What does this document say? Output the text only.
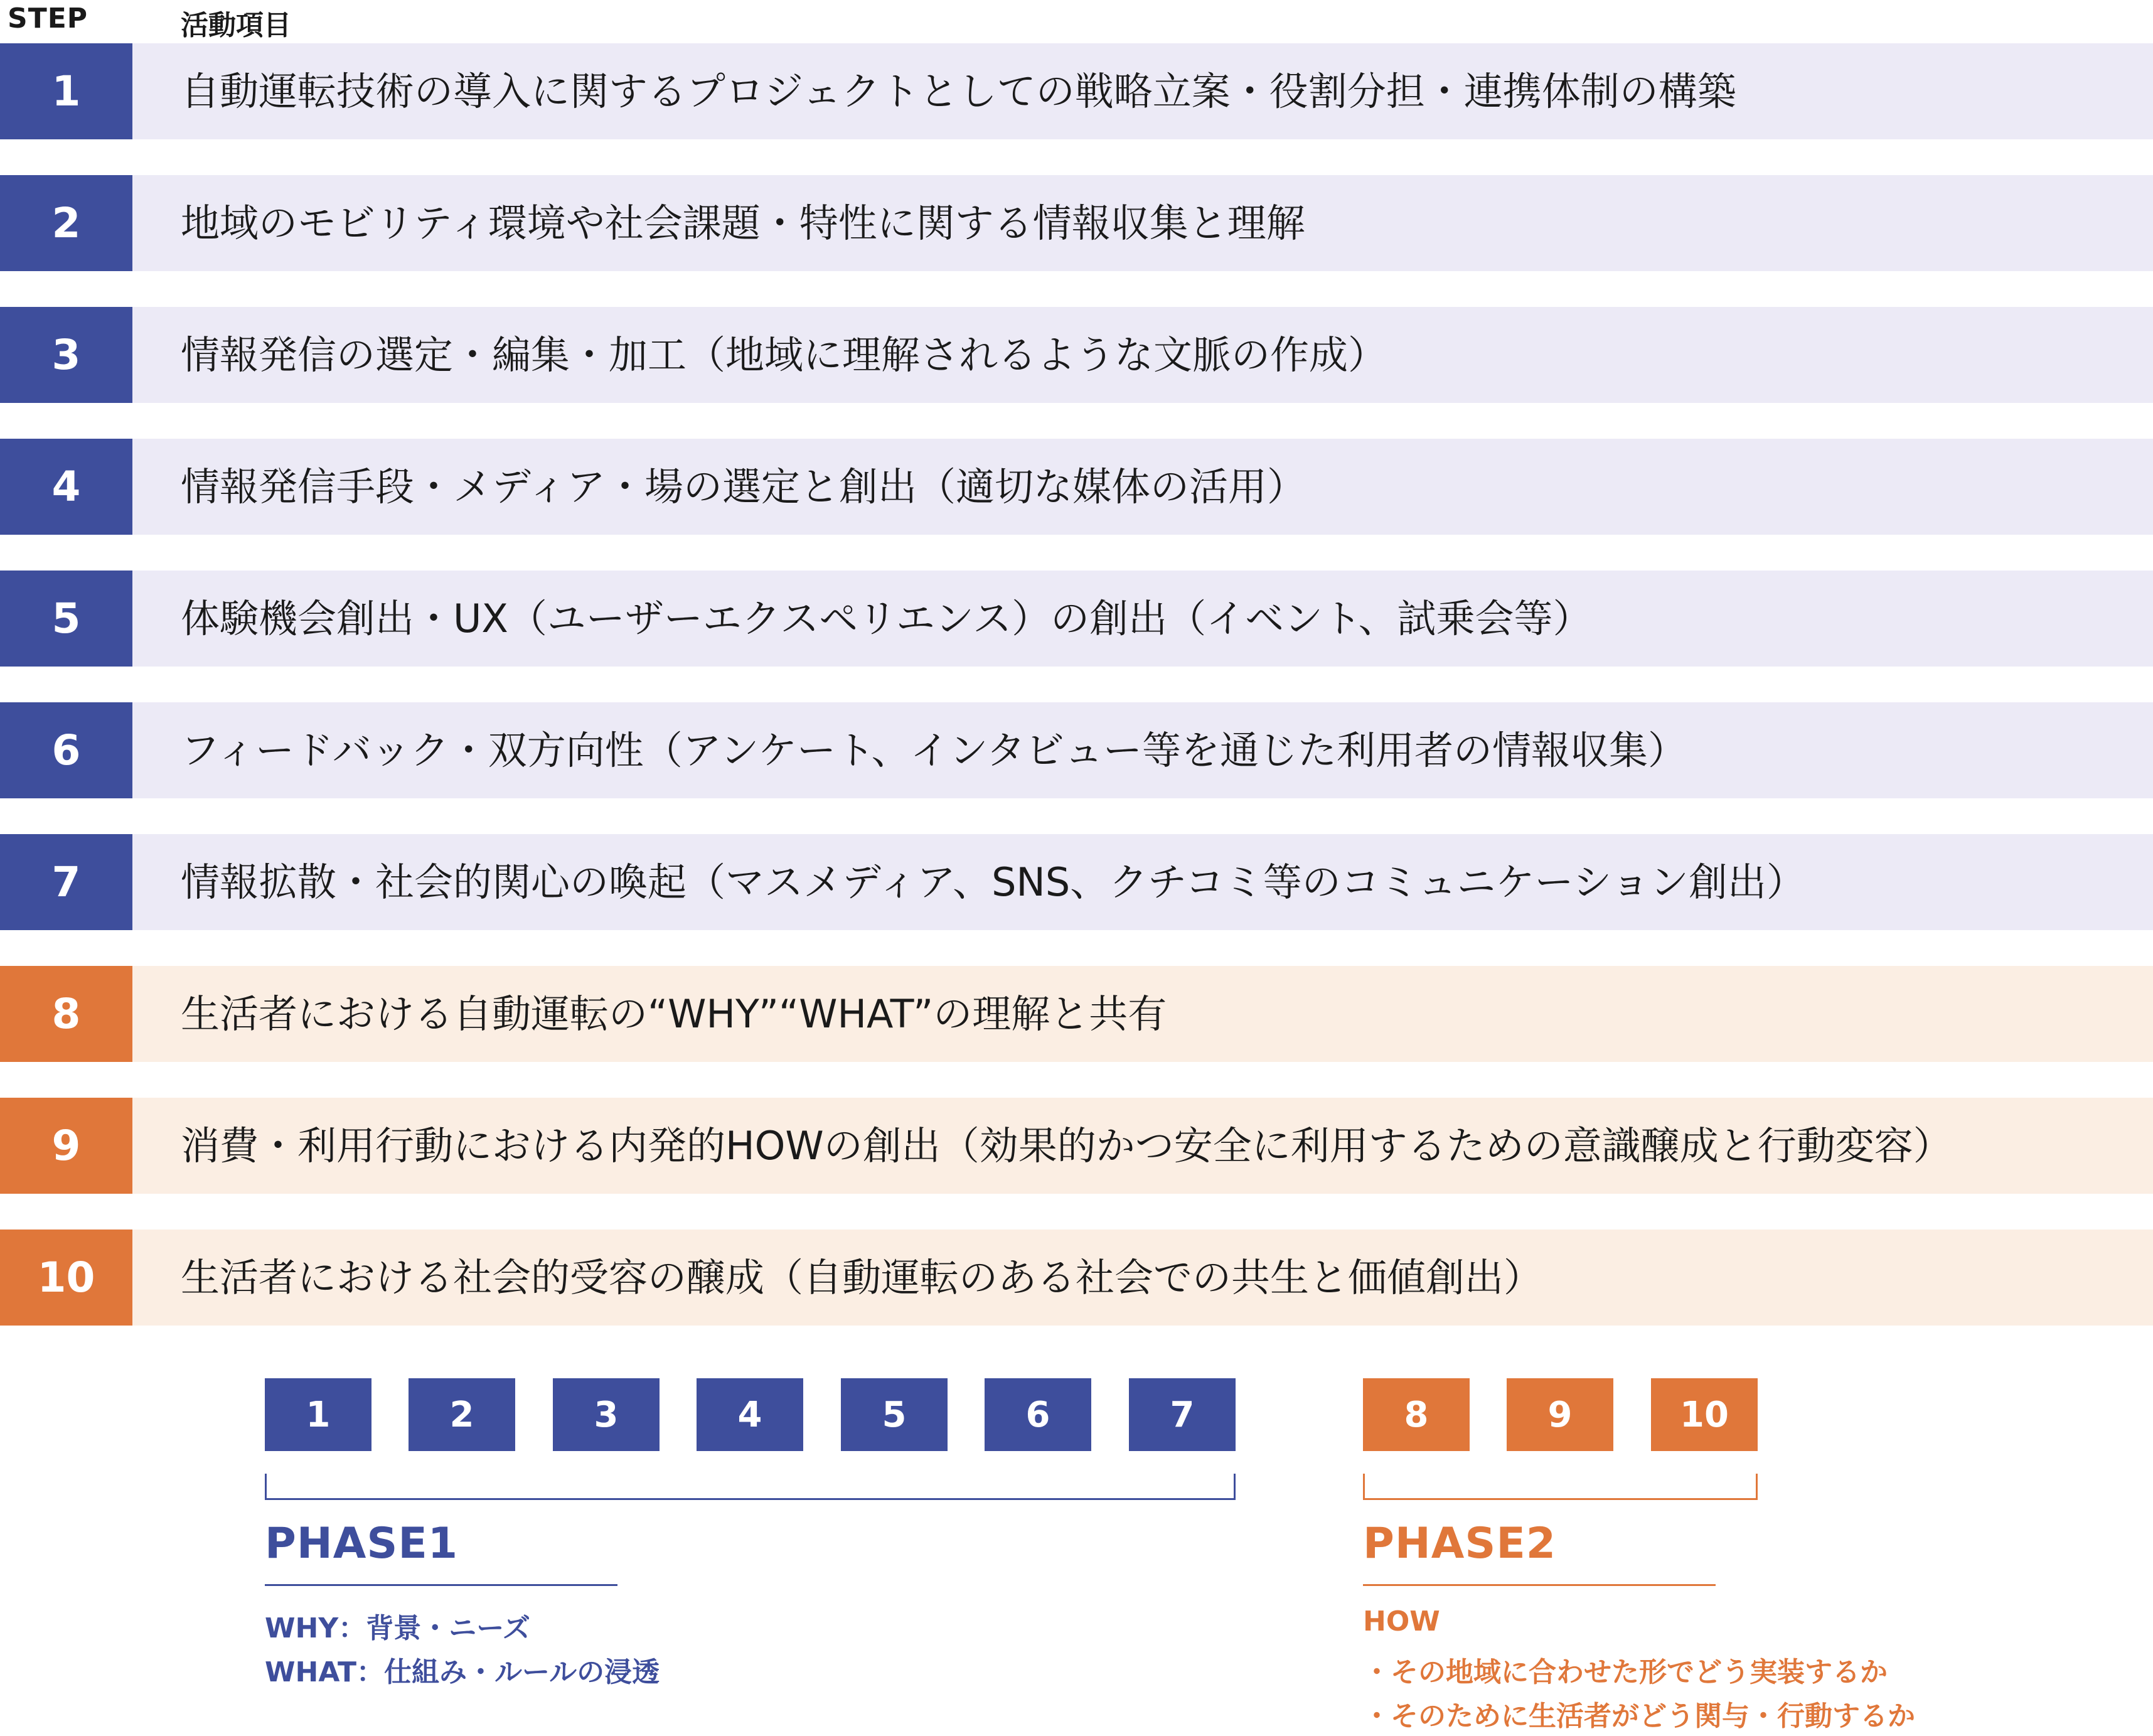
STEP	活動項目
1	自動運転技術の導入に関するプロジェクトとしての戦略立案・役割分担・連携体制の構築
2	地域のモビリティ環境や社会課題・特性に関する情報収集と理解
3	情報発信の選定・編集・加工（地域に理解されるような文脈の作成）
4	情報発信手段・メディア・場の選定と創出（適切な媒体の活用）
5	体験機会創出・UX（ユーザーエクスペリエンス）の創出（イベント、試乗会等）
6	フィードバック・双方向性（アンケート、インタビュー等を通じた利用者の情報収集）
7	情報拡散・社会的関心の喚起（マスメディア、SNS、クチコミ等のコミュニケーション創出）
8	生活者における自動運転の“WHY”“WHAT”の理解と共有
9	消費・利用行動における内発的HOWの創出（効果的かつ安全に利用するための意識醸成と行動変容）
10	生活者における社会的受容の醸成（自動運転のある社会での共生と価値創出）
1	2	3	4	5	6	7	8	9	10
PHASE1
WHY：背景・ニーズ
WHAT：仕組み・ルールの浸透
PHASE2
HOW
・その地域に合わせた形でどう実装するか
・そのために生活者がどう関与・行動するか
